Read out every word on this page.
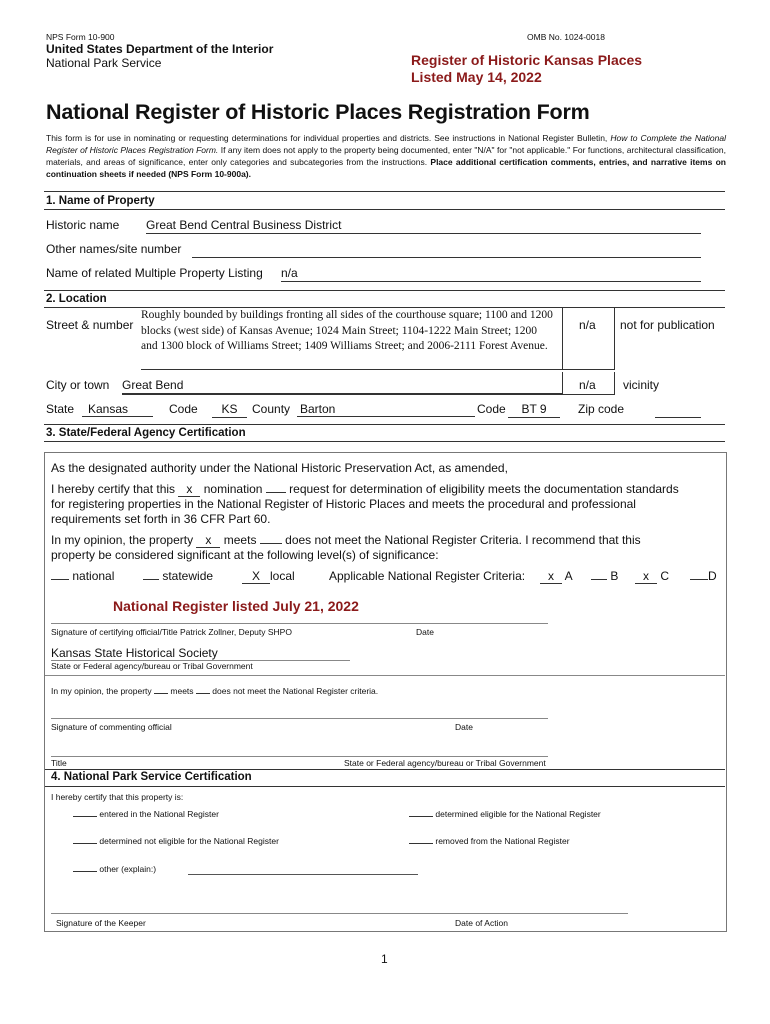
NPS Form 10-900	OMB No. 1024-0018
United States Department of the Interior
National Park Service	Register of Historic Kansas Places
Listed May 14, 2022
National Register of Historic Places Registration Form
This form is for use in nominating or requesting determinations for individual properties and districts. See instructions in National Register Bulletin, How to Complete the National Register of Historic Places Registration Form. If any item does not apply to the property being documented, enter "N/A" for "not applicable." For functions, architectural classification, materials, and areas of significance, enter only categories and subcategories from the instructions. Place additional certification comments, entries, and narrative items on continuation sheets if needed (NPS Form 10-900a).
1. Name of Property
Historic name Great Bend Central Business District
Other names/site number
Name of related Multiple Property Listing n/a
2. Location
Street & number
Roughly bounded by buildings fronting all sides of the courthouse square; 1100 and 1200 blocks (west side) of Kansas Avenue; 1024 Main Street; 1104-1222 Main Street; 1200 and 1300 block of Williams Street; 1409 Williams Street; and 2006-2111 Forest Avenue.
n/a not for publication
City or town Great Bend	n/a vicinity
State	Kansas	Code	KS	County Barton	Code	BT 9	Zip code
3. State/Federal Agency Certification
As the designated authority under the National Historic Preservation Act, as amended,
I hereby certify that this x nomination request for determination of eligibility meets the documentation standards
for registering properties in the National Register of Historic Places and meets the procedural and professional
requirements set forth in 36 CFR Part 60.
In my opinion, the property x meets does not meet the National Register Criteria. I recommend that this
property be considered significant at the following level(s) of significance:
national	statewide	X local	Applicable National Register Criteria:	x A	B	x C	D
National Register listed July 21, 2022
Signature of certifying official/Title Patrick Zollner, Deputy SHPO	Date
Kansas State Historical Society
State or Federal agency/bureau or Tribal Government
In my opinion, the property meets does not meet the National Register criteria.
Signature of commenting official	Date
Title	State or Federal agency/bureau or Tribal Government
4. National Park Service Certification
I hereby certify that this property is:
entered in the National Register	determined eligible for the National Register
determined not eligible for the National Register	removed from the National Register
other (explain:)
Signature of the Keeper	Date of Action
1
